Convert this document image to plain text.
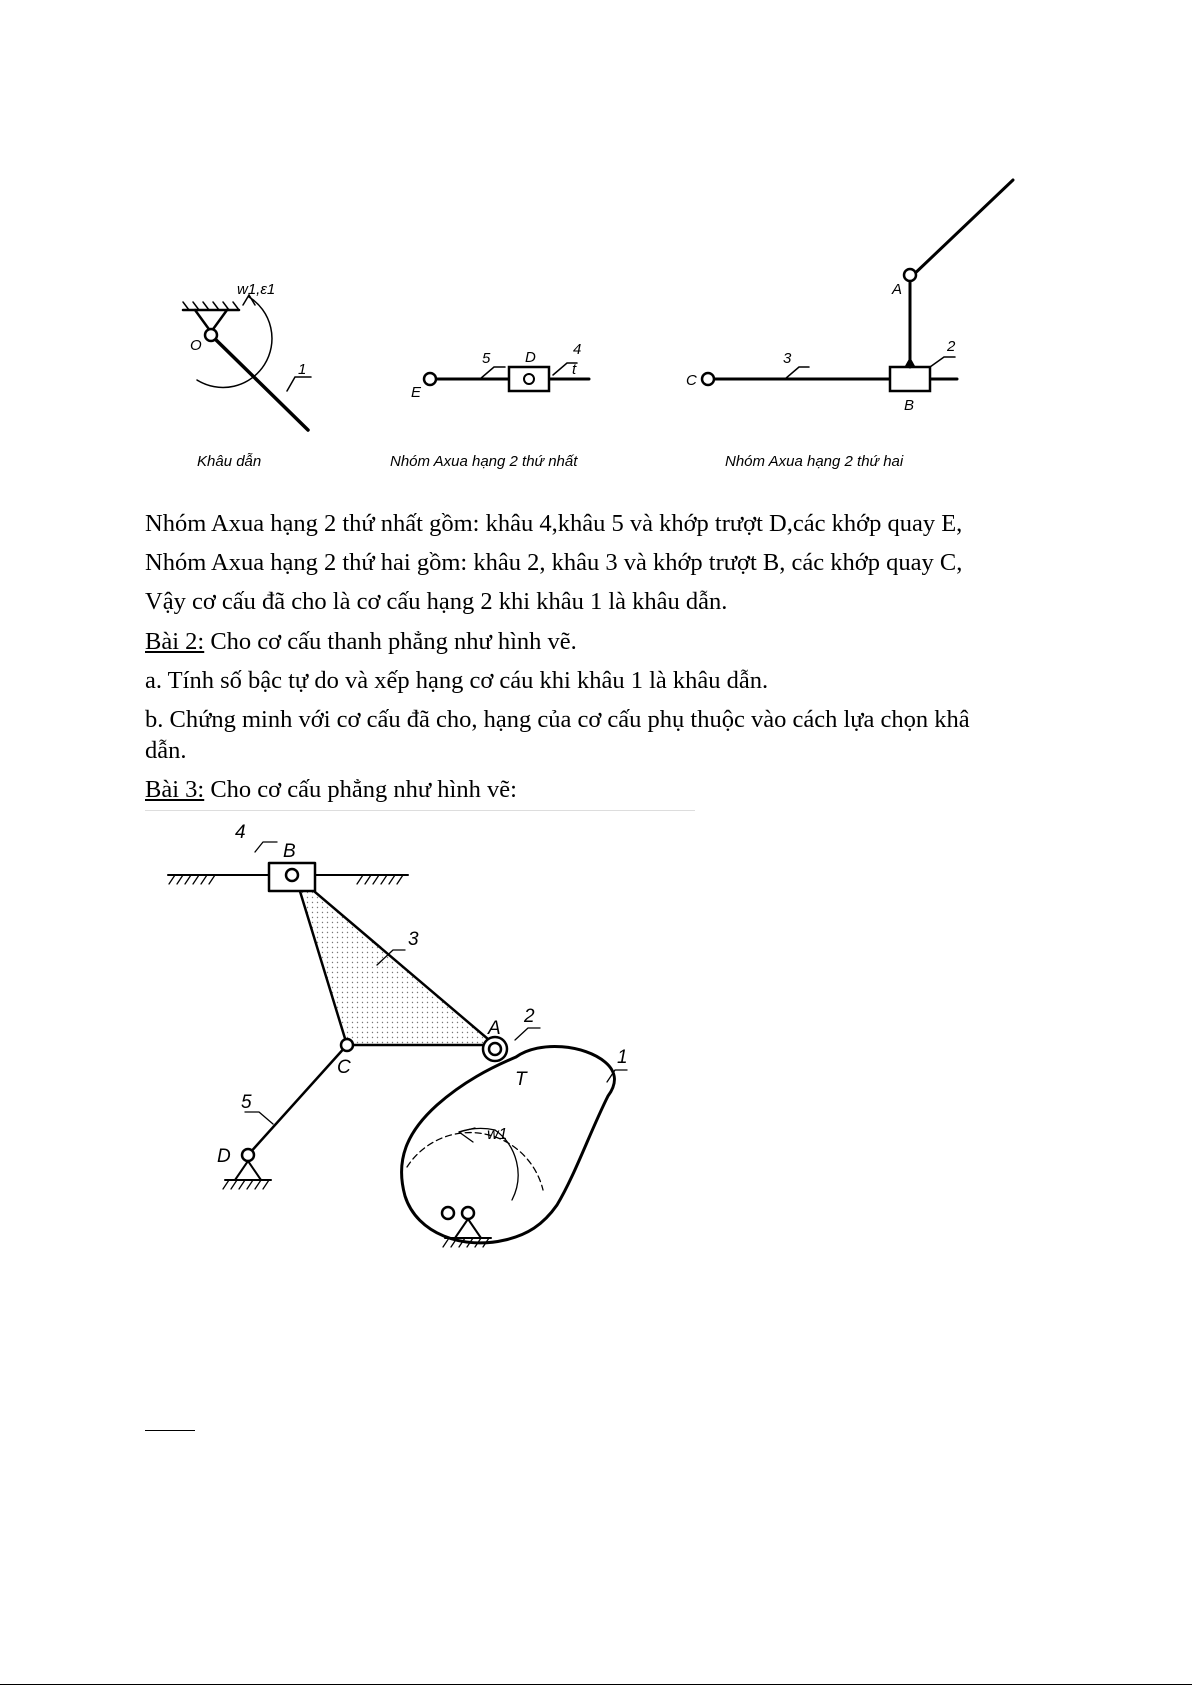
w1,ε1
O
1
5 D 4
t
E
3
C
A
2
B
Khâu dẫn	Nhóm Axua hạng 2 thứ nhất	Nhóm Axua hạng 2 thứ hai
Nhóm Axua hạng 2 thứ nhất gồm: khâu 4,khâu 5 và khớp trượt D,các khớp quay E,
Nhóm Axua hạng 2 thứ hai gồm: khâu 2, khâu 3 và khớp trượt B, các khớp quay C,
Vậy cơ cấu đã cho là cơ cấu hạng 2 khi khâu 1 là khâu dẫn.
Bài 2: Cho cơ cấu thanh phẳng như hình vẽ.
a. Tính số bậc tự do và xếp hạng cơ cáu khi khâu 1 là khâu dẫn.
b. Chứng minh với cơ cấu đã cho, hạng của cơ cấu phụ thuộc vào cách lựa chọn khâ
dẫn.
Bài 3: Cho cơ cấu phẳng như hình vẽ:
4
B
3
A
2
C
T
1
5
D
w1
